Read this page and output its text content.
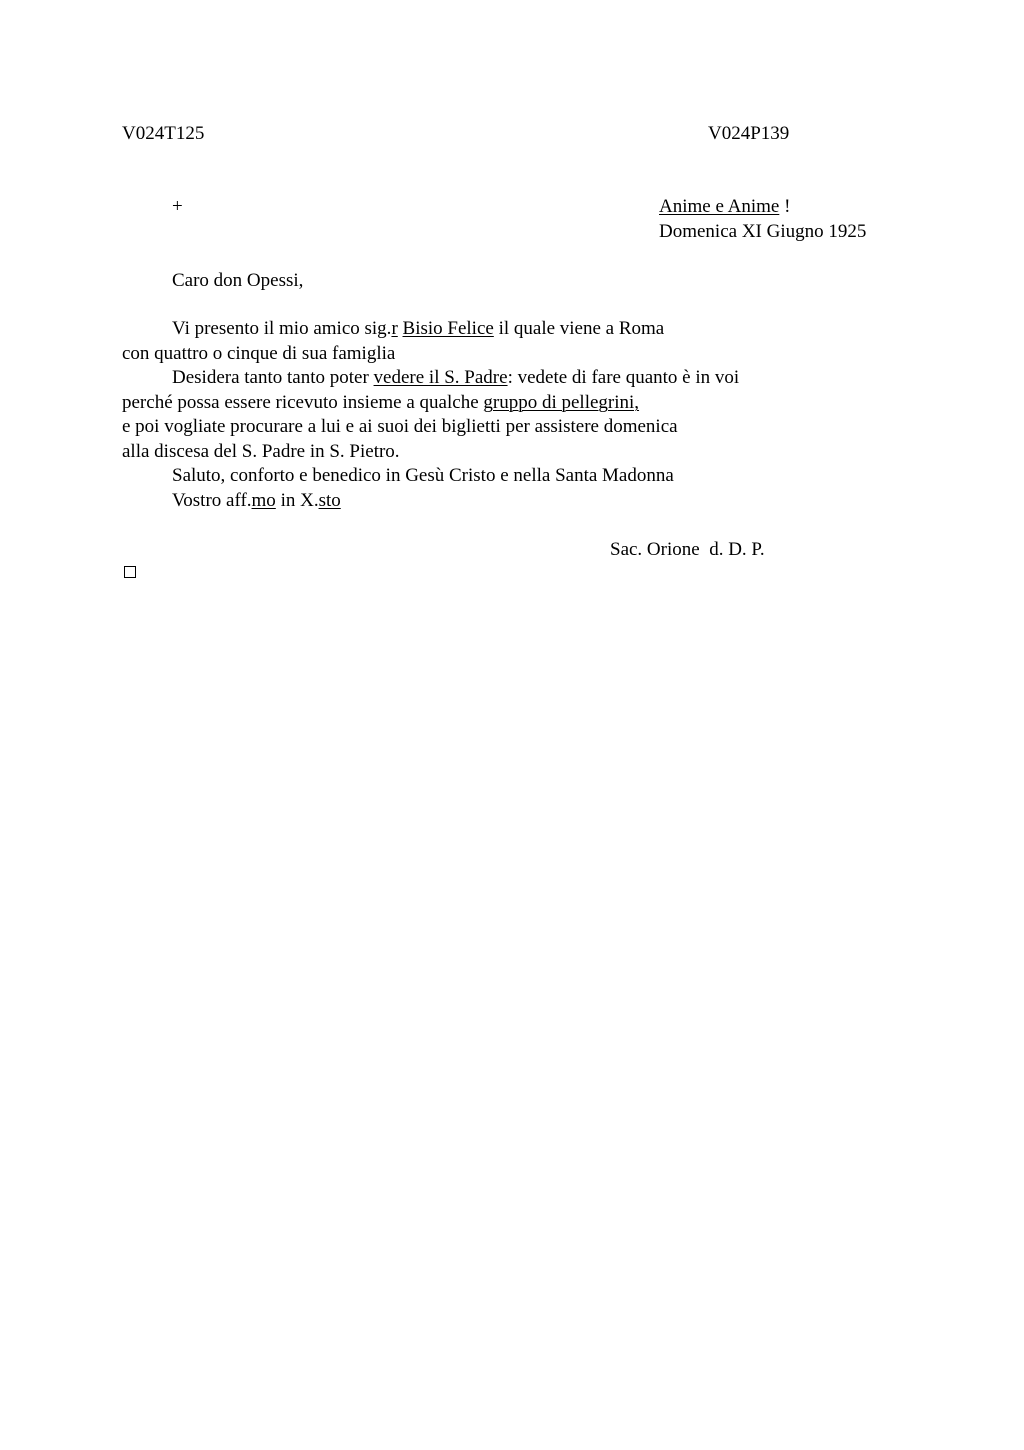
V024T125	V024P139
+	Anime e Anime !
Domenica XI Giugno 1925
Caro don Opessi,
Vi presento il mio amico sig.r Bisio Felice il quale viene a Roma
con quattro o cinque di sua famiglia
Desidera tanto tanto poter vedere il S. Padre: vedete di fare quanto è in voi
perché possa essere ricevuto insieme a qualche gruppo di pellegrini,
e poi vogliate procurare a lui e ai suoi dei biglietti per assistere domenica
alla discesa del S. Padre in S. Pietro.
Saluto, conforto e benedico in Gesù Cristo e nella Santa Madonna
Vostro aff.mo in X.sto
Sac. Orione  d. D. P.
